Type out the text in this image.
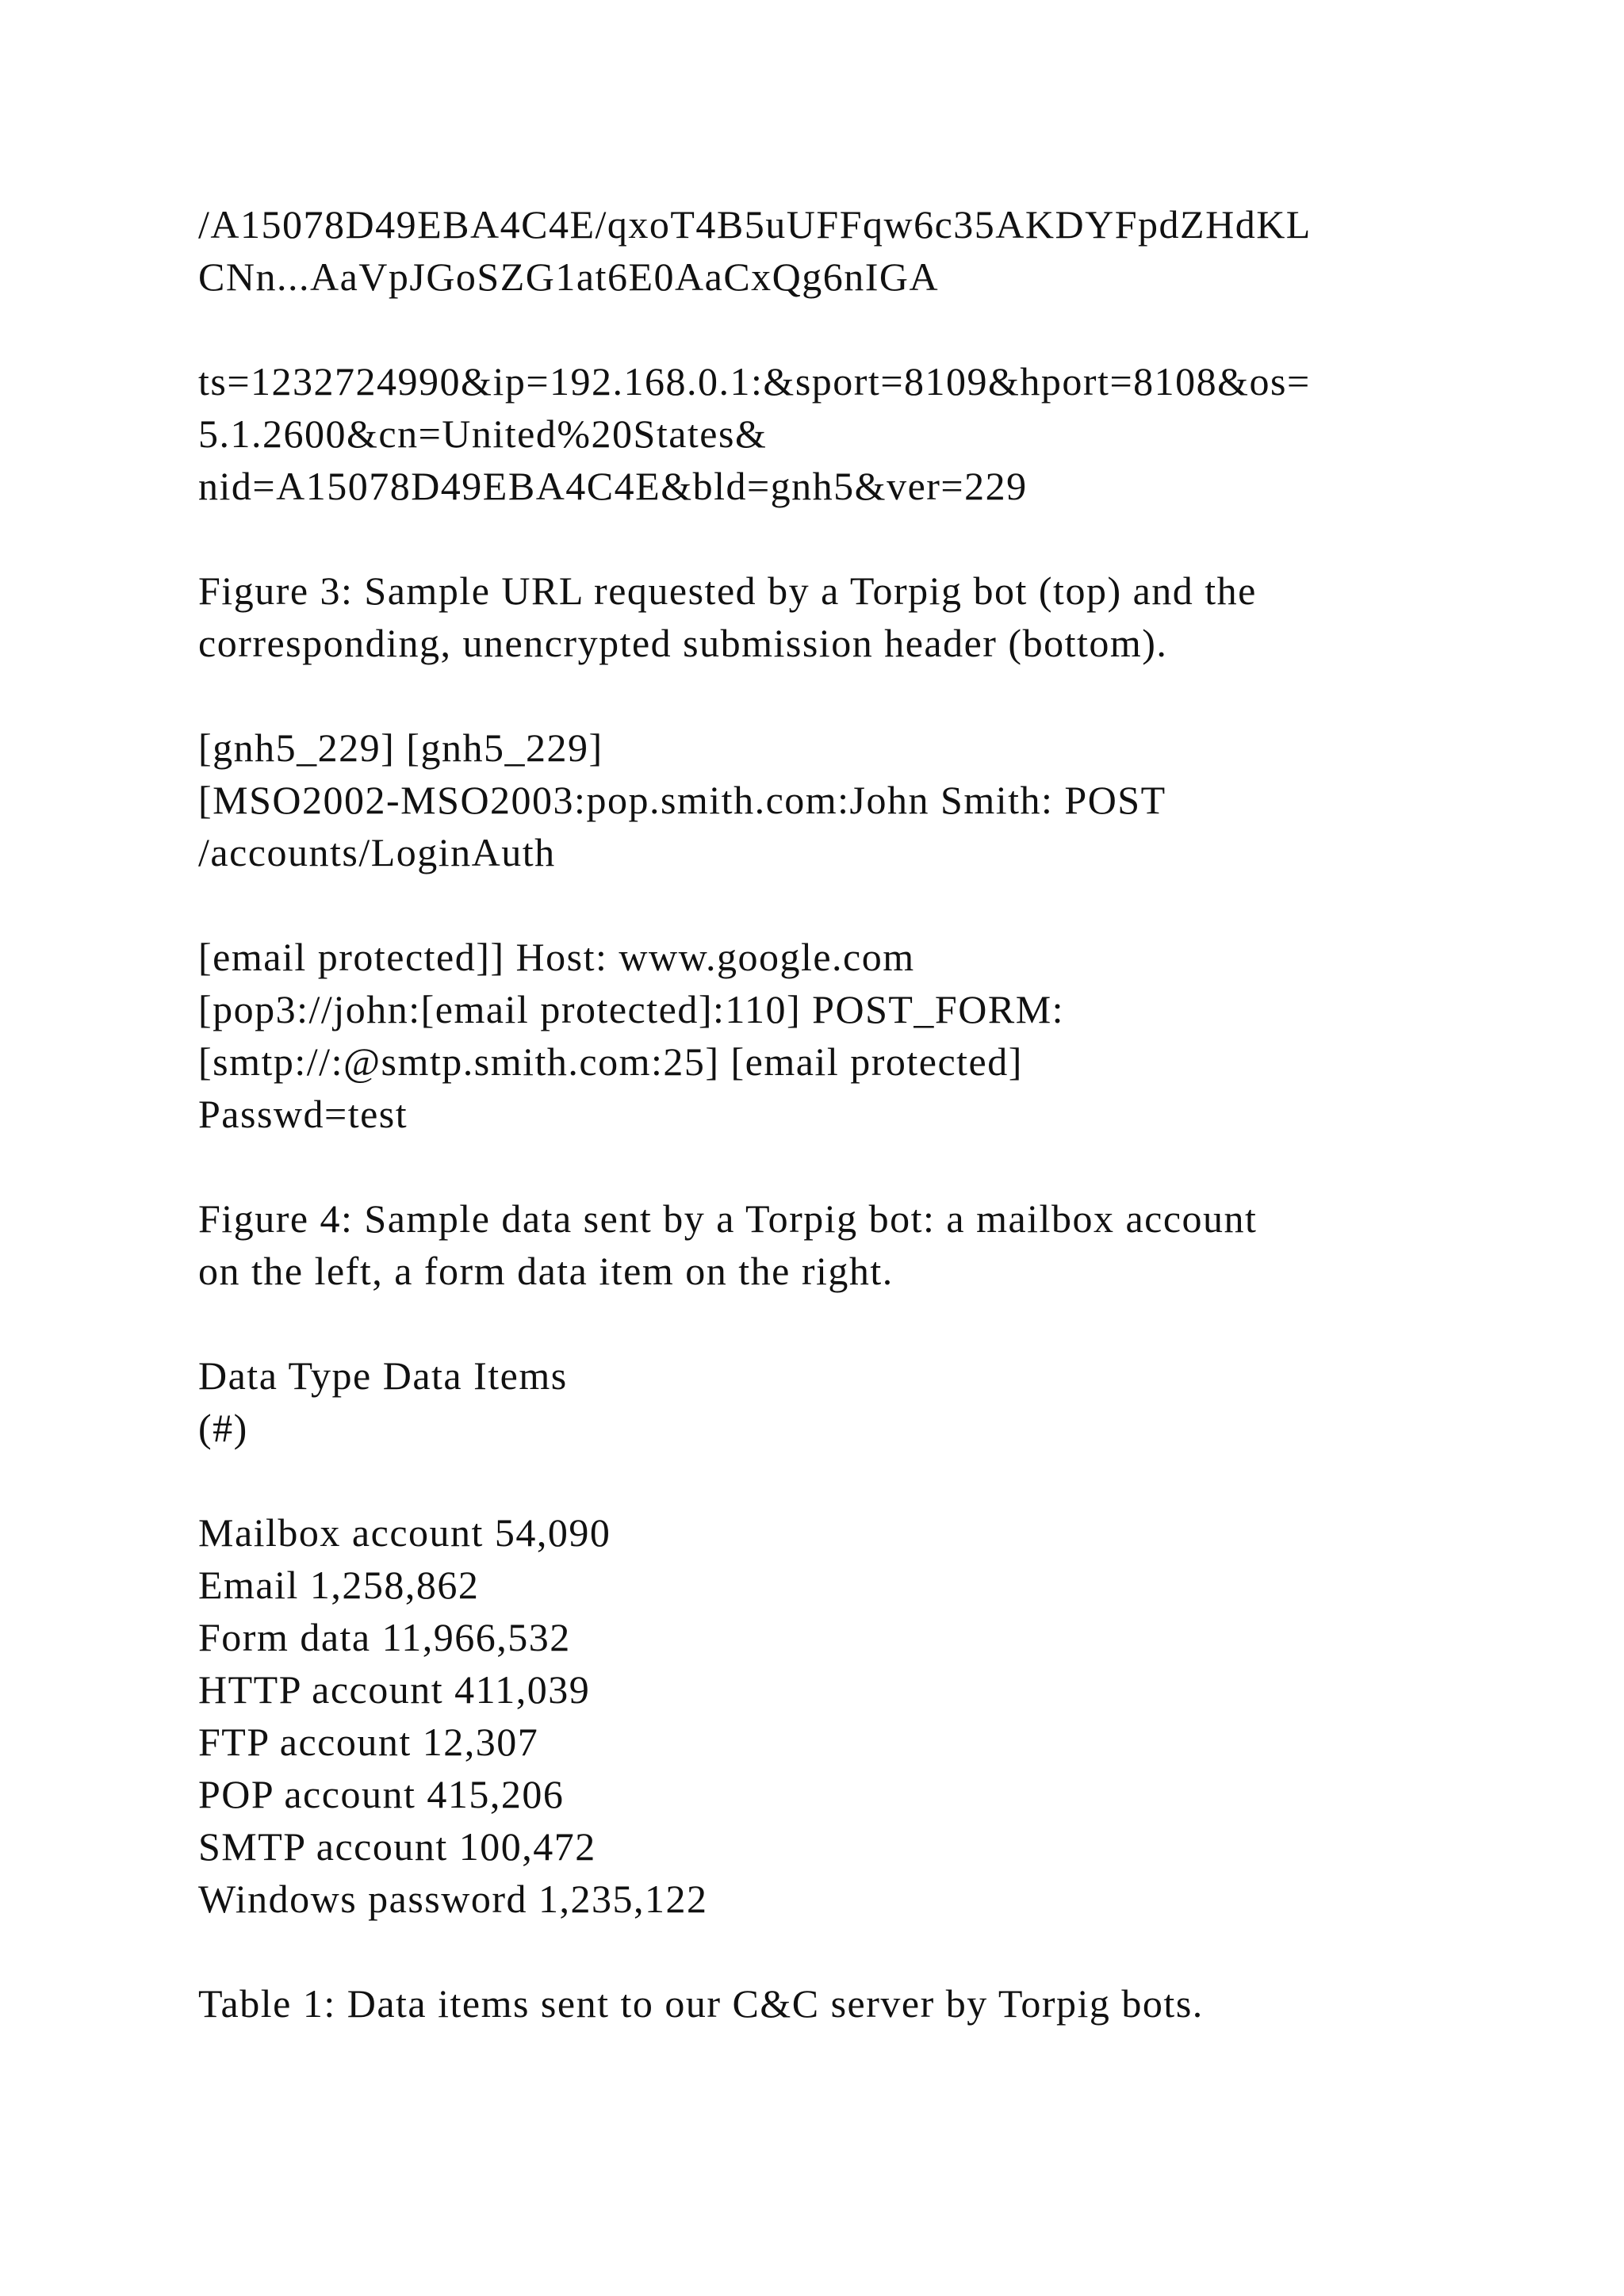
/A15078D49EBA4C4E/qxoT4B5uUFFqw6c35AKDYFpdZHdKL
CNn...AaVpJGoSZG1at6E0AaCxQg6nIGA
ts=1232724990&ip=192.168.0.1:&sport=8109&hport=8108&os=
5.1.2600&cn=United%20States&
nid=A15078D49EBA4C4E&bld=gnh5&ver=229
Figure 3: Sample URL requested by a Torpig bot (top) and the
corresponding, unencrypted submission header (bottom).
[gnh5_229] [gnh5_229]
[MSO2002-MSO2003:pop.smith.com:John Smith: POST
/accounts/LoginAuth
[email protected]] Host: www.google.com
[pop3://john:[email protected]:110] POST_FORM:
[smtp://:@smtp.smith.com:25] [email protected]
Passwd=test
Figure 4: Sample data sent by a Torpig bot: a mailbox account
on the left, a form data item on the right.
Data Type Data Items
(#)
Mailbox account 54,090
Email 1,258,862
Form data 11,966,532
HTTP account 411,039
FTP account 12,307
POP account 415,206
SMTP account 100,472
Windows password 1,235,122
Table 1: Data items sent to our C&C server by Torpig bots.
